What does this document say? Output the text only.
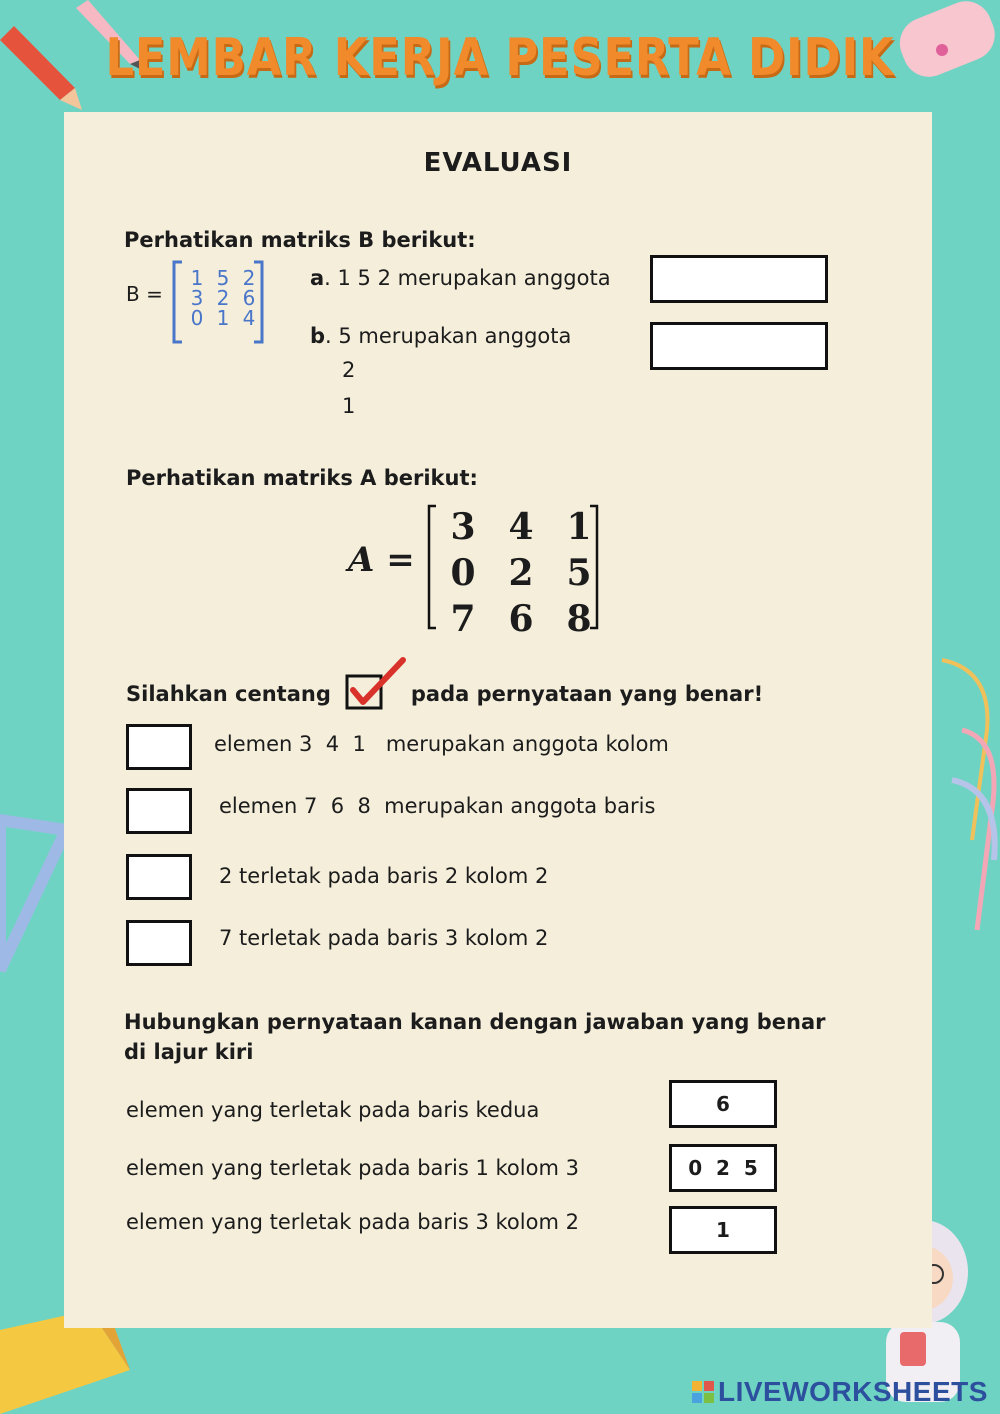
LEMBAR KERJA PESERTA DIDIK
EVALUASI
Perhatikan matriks B berikut:
B =
1	5	2
3	2	6
0	1	4
a. 1 5 2 merupakan anggota
b. 5 merupakan anggota
2
1
Perhatikan matriks A berikut:
A =
3	4	1
0	2	5
7	6	8
Silahkan centang	pada pernyataan yang benar!
elemen 3  4  1   merupakan anggota kolom
elemen 7  6  8  merupakan anggota baris
2 terletak pada baris 2 kolom 2
7 terletak pada baris 3 kolom 2
Hubungkan pernyataan kanan dengan jawaban yang benar
di lajur kiri
elemen yang terletak pada baris kedua	6
elemen yang terletak pada baris 1 kolom 3	0  2  5
elemen yang terletak pada baris 3 kolom 2	1
LIVEWORKSHEETS
